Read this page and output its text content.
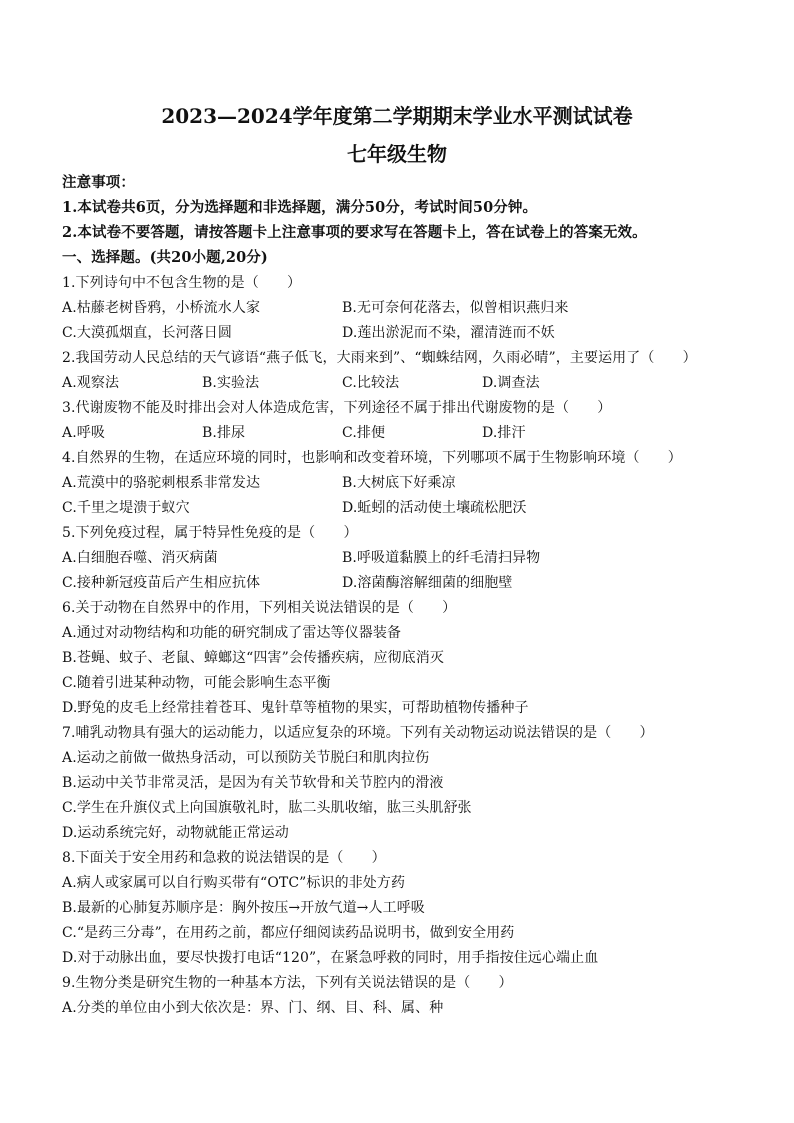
2023—2024学年度第二学期期末学业水平测试试卷
七年级生物
注意事项：
1.本试卷共6页，分为选择题和非选择题，满分50分，考试时间50分钟。
2.本试卷不要答题，请按答题卡上注意事项的要求写在答题卡上，答在试卷上的答案无效。
一、选择题。(共20小题,20分)
1.下列诗句中不包含生物的是（　　）
A.枯藤老树昏鸦，小桥流水人家	B.无可奈何花落去，似曾相识燕归来
C.大漠孤烟直，长河落日圆	D.莲出淤泥而不染，濯清涟而不妖
2.我国劳动人民总结的天气谚语“燕子低飞，大雨来到”、“蜘蛛结网，久雨必晴”，主要运用了（　　）
A.观察法	B.实验法	C.比较法	D.调查法
3.代谢废物不能及时排出会对人体造成危害，下列途径不属于排出代谢废物的是（　　）
A.呼吸	B.排尿	C.排便	D.排汗
4.自然界的生物，在适应环境的同时，也影响和改变着环境，下列哪项不属于生物影响环境（　　）
A.荒漠中的骆驼刺根系非常发达	B.大树底下好乘凉
C.千里之堤溃于蚁穴	D.蚯蚓的活动使土壤疏松肥沃
5.下列免疫过程，属于特异性免疫的是（　　）
A.白细胞吞噬、消灭病菌	B.呼吸道黏膜上的纤毛清扫异物
C.接种新冠疫苗后产生相应抗体	D.溶菌酶溶解细菌的细胞壁
6.关于动物在自然界中的作用，下列相关说法错误的是（　　）
A.通过对动物结构和功能的研究制成了雷达等仪器装备
B.苍蝇、蚊子、老鼠、蟑螂这“四害”会传播疾病，应彻底消灭
C.随着引进某种动物，可能会影响生态平衡
D.野兔的皮毛上经常挂着苍耳、鬼针草等植物的果实，可帮助植物传播种子
7.哺乳动物具有强大的运动能力，以适应复杂的环境。下列有关动物运动说法错误的是（　　）
A.运动之前做一做热身活动，可以预防关节脱臼和肌肉拉伤
B.运动中关节非常灵活，是因为有关节软骨和关节腔内的滑液
C.学生在升旗仪式上向国旗敬礼时，肱二头肌收缩，肱三头肌舒张
D.运动系统完好，动物就能正常运动
8.下面关于安全用药和急救的说法错误的是（　　）
A.病人或家属可以自行购买带有“OTC”标识的非处方药
B.最新的心肺复苏顺序是：胸外按压→开放气道→人工呼吸
C.“是药三分毒”，在用药之前，都应仔细阅读药品说明书，做到安全用药
D.对于动脉出血，要尽快拨打电话“120”，在紧急呼救的同时，用手指按住远心端止血
9.生物分类是研究生物的一种基本方法，下列有关说法错误的是（　　）
A.分类的单位由小到大依次是：界、门、纲、目、科、属、种
